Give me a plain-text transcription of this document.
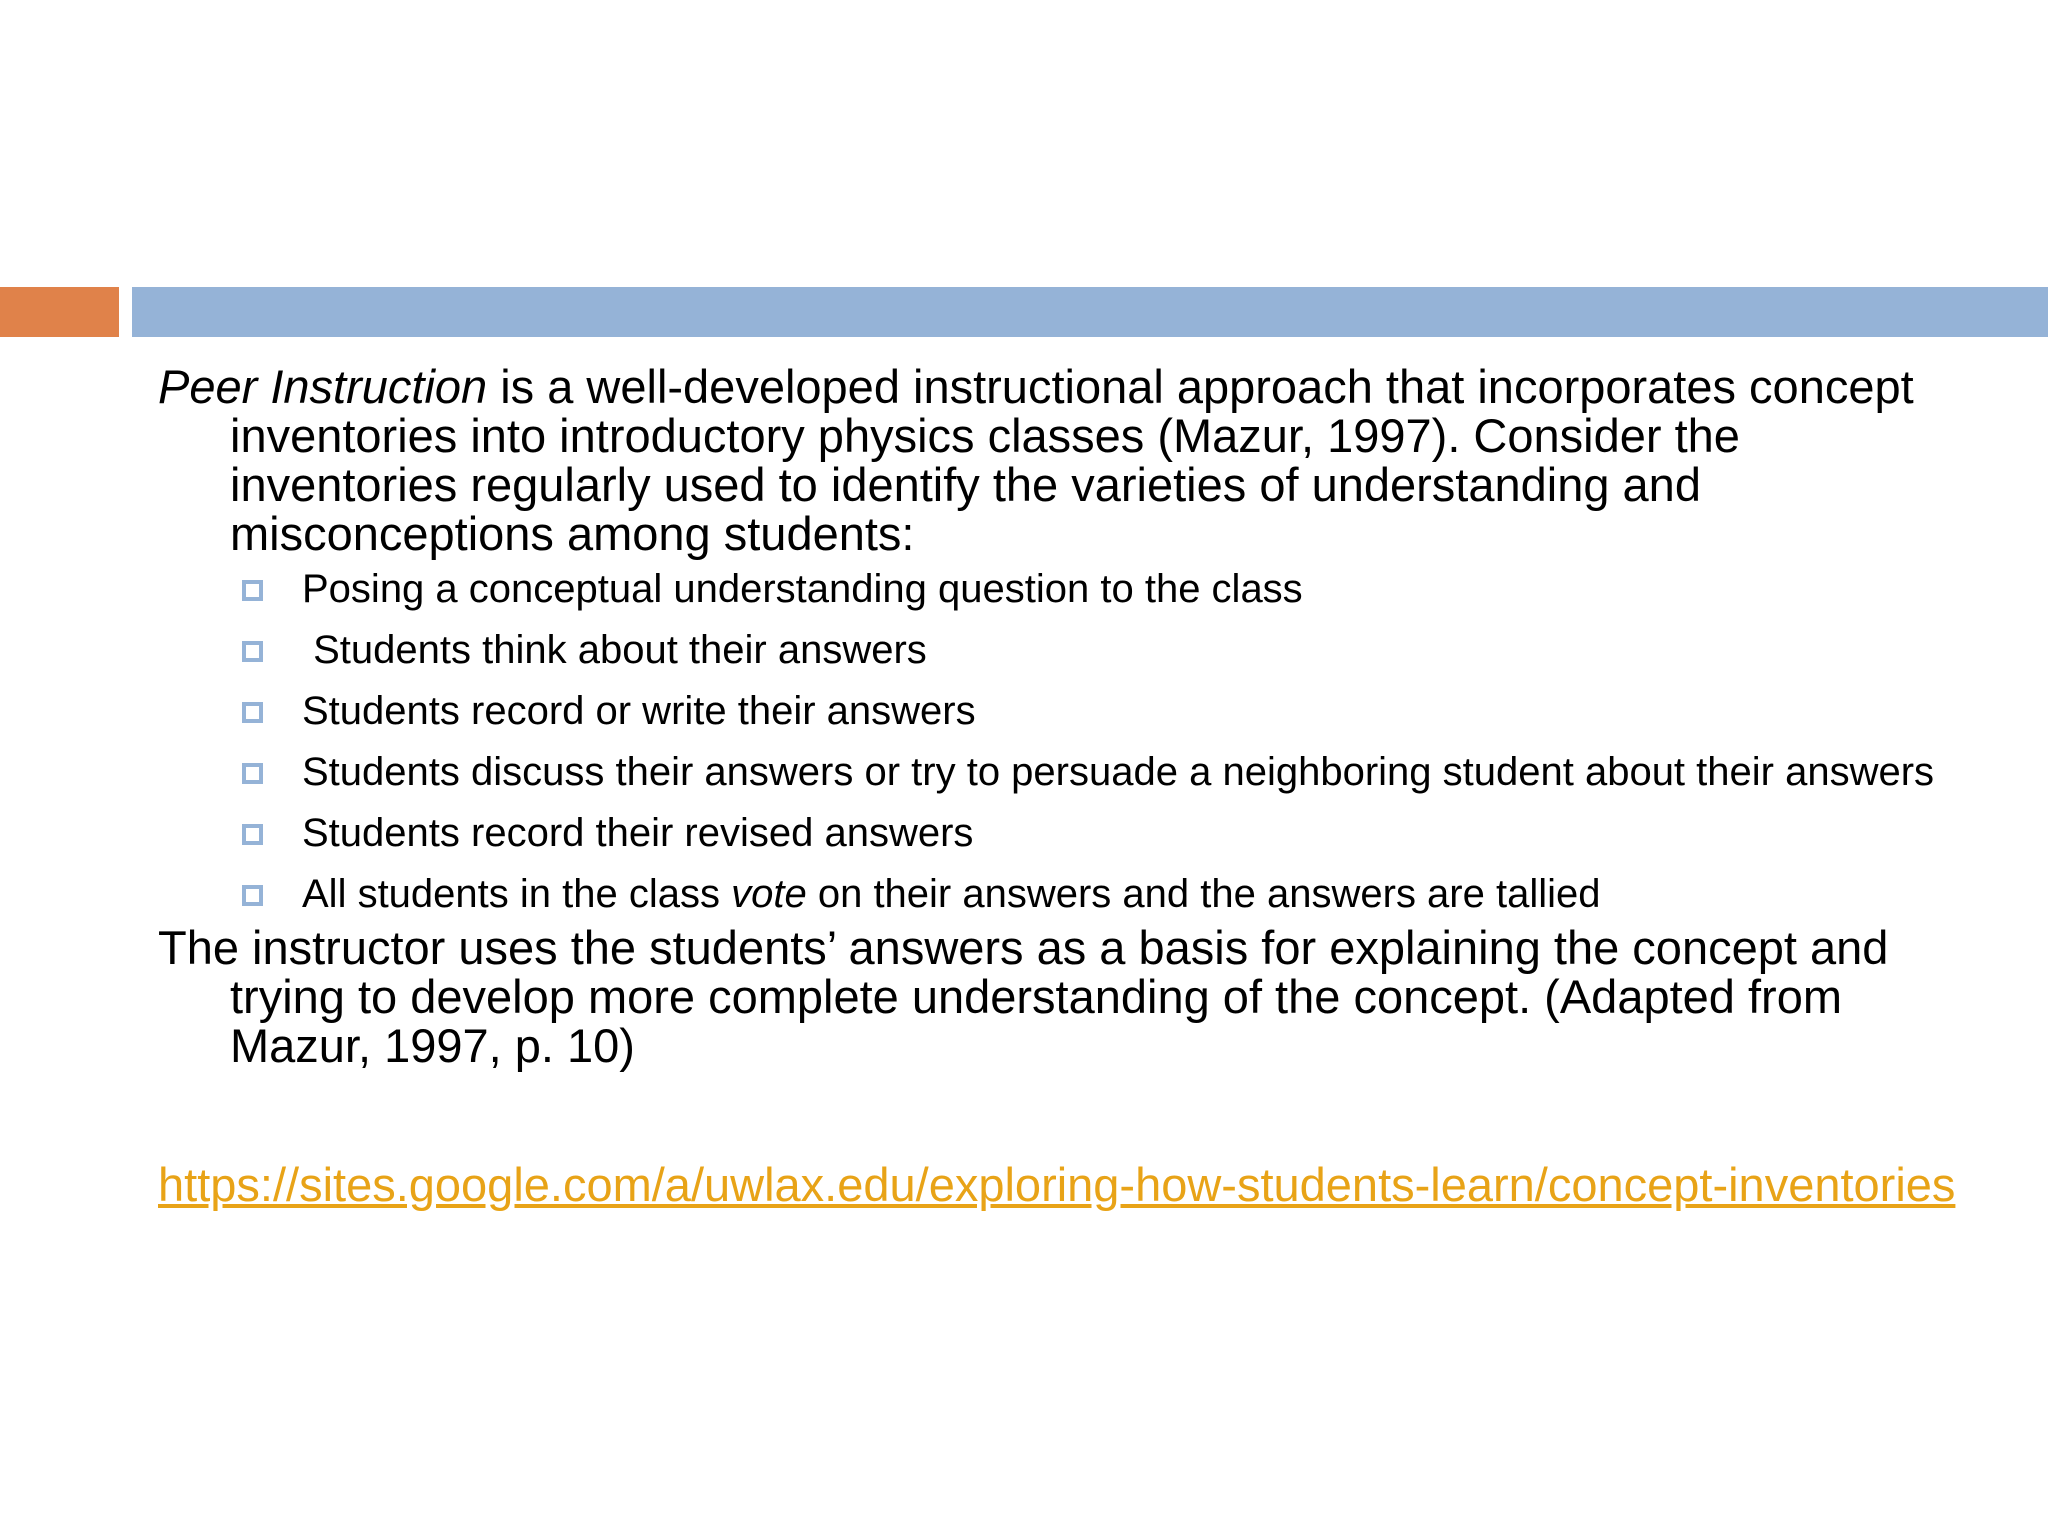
Peer Instruction is a well-developed instructional approach that incorporates concept inventories into introductory physics classes (Mazur, 1997). Consider the inventories regularly used to identify the varieties of understanding and misconceptions among students:

Posing a conceptual understanding question to the class
Students think about their answers
Students record or write their answers
Students discuss their answers or try to persuade a neighboring student about their answers
Students record their revised answers
All students in the class vote on their answers and the answers are tallied

The instructor uses the students’ answers as a basis for explaining the concept and trying to develop more complete understanding of the concept. (Adapted from Mazur, 1997, p. 10)

https://sites.google.com/a/uwlax.edu/exploring-how-students-learn/concept-inventories
